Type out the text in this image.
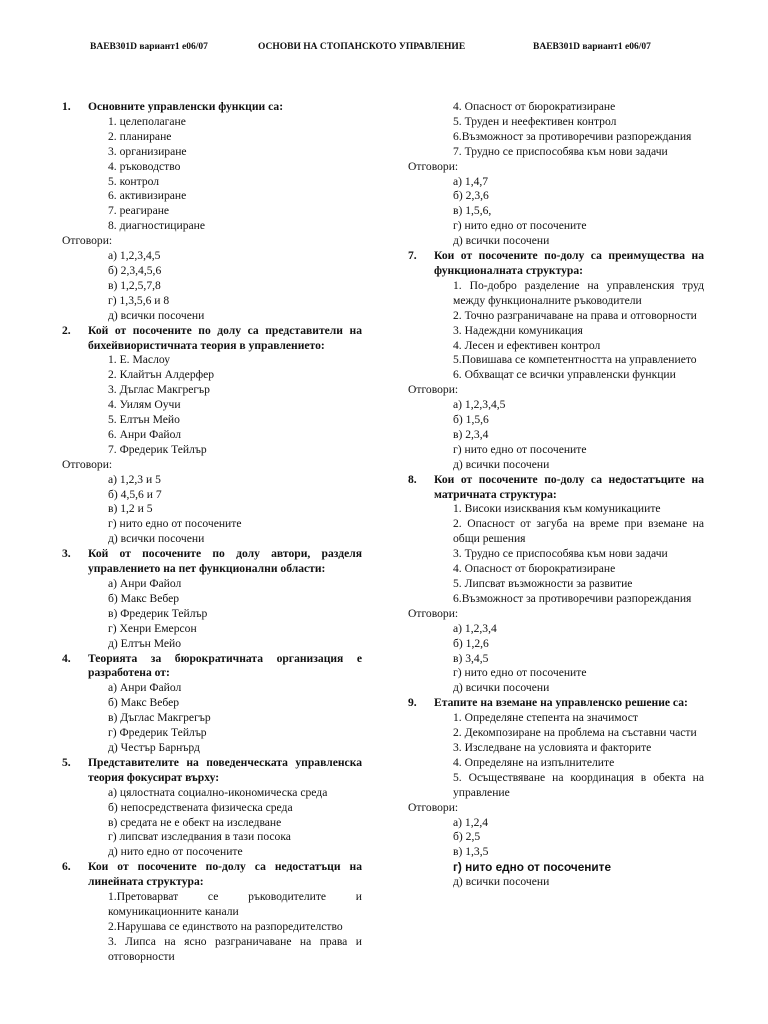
BAEB301D вариант1 е06/07	ОСНОВИ НА СТОПАНСКОТО УПРАВЛЕНИЕ	BAEB301D вариант1 е06/07
1. Основните управленски функции са:
1. целеполагане
2. планиране
3. организиране
4. ръководство
5. контрол
6. активизиране
7. реагиране
8. диагностициране
Отговори:
а) 1,2,3,4,5
б) 2,3,4,5,6
в) 1,2,5,7,8
г) 1,3,5,6 и 8
д) всички посочени
2. Кой от посочените по долу са представители на бихейвиористичната теория в управлението:
1. Е. Маслоу
2. Клайтън Алдерфер
3. Дъглас Макгрегър
4. Уилям Оучи
5. Елтън Мейо
6. Анри Файол
7. Фредерик Тейлър
Отговори:
а) 1,2,3 и 5
б) 4,5,6 и 7
в) 1,2 и 5
г) нито едно от посочените
д) всички посочени
3. Кой от посочените по долу автори, разделя управлението на пет функционални области:
а) Анри Файол
б) Макс Вебер
в) Фредерик Тейлър
г) Хенри Емерсон
д) Елтън Мейо
4. Теорията за бюрократичната организация е разработена от:
а) Анри Файол
б) Макс Вебер
в) Дъглас Макгрегър
г) Фредерик Тейлър
д) Честър Барнърд
5. Представителите на поведенческата управленска теория фокусират върху:
а) цялостната социално-икономическа среда
б) непосредствената физическа среда
в) средата не е обект на изследване
г) липсват изследвания в тази посока
д) нито едно от посочените
6. Кои от посочените по-долу са недостатъци на линейната структура:
1.Претоварват се ръководителите и комуникационните канали
2.Нарушава се единството на разпоредителство
3. Липса на ясно разграничаване на права и отговорности
4. Опасност от бюрократизиране
5. Труден и неефективен контрол
6.Възможност за противоречиви разпореждания
7. Трудно се приспособява към нови задачи
Отговори:
а) 1,4,7
б) 2,3,6
в) 1,5,6,
г) нито едно от посочените
д) всички посочени
7. Кои от посочените по-долу са преимущества на функционалната структура:
1. По-добро разделение на управленския труд между функционалните ръководители
2. Точно разграничаване на права и отговорности
3. Надеждни комуникация
4. Лесен и ефективен контрол
5.Повишава се компетентността на управлението
6. Обхващат се всички управленски функции
Отговори:
а) 1,2,3,4,5
б) 1,5,6
в) 2,3,4
г) нито едно от посочените
д) всички посочени
8. Кои от посочените по-долу са недостатъците на матричната структура:
1. Високи изисквания към комуникациите
2. Опасност от загуба на време при вземане на общи решения
3. Трудно се приспособява към нови задачи
4. Опасност от бюрократизиране
5. Липсват възможности за развитие
6.Възможност за противоречиви разпореждания
Отговори:
а) 1,2,3,4
б) 1,2,6
в) 3,4,5
г) нито едно от посочените
д) всички посочени
9. Етапите на вземане на управленско решение са:
1. Определяне степента на значимост
2. Декомпозиране на проблема на съставни части
3. Изследване на условията и факторите
4. Определяне на изпълнителите
5. Осъществяване на координация в обекта на управление
Отговори:
а) 1,2,4
б) 2,5
в) 1,3,5
г) нито едно от посочените
д) всички посочени
